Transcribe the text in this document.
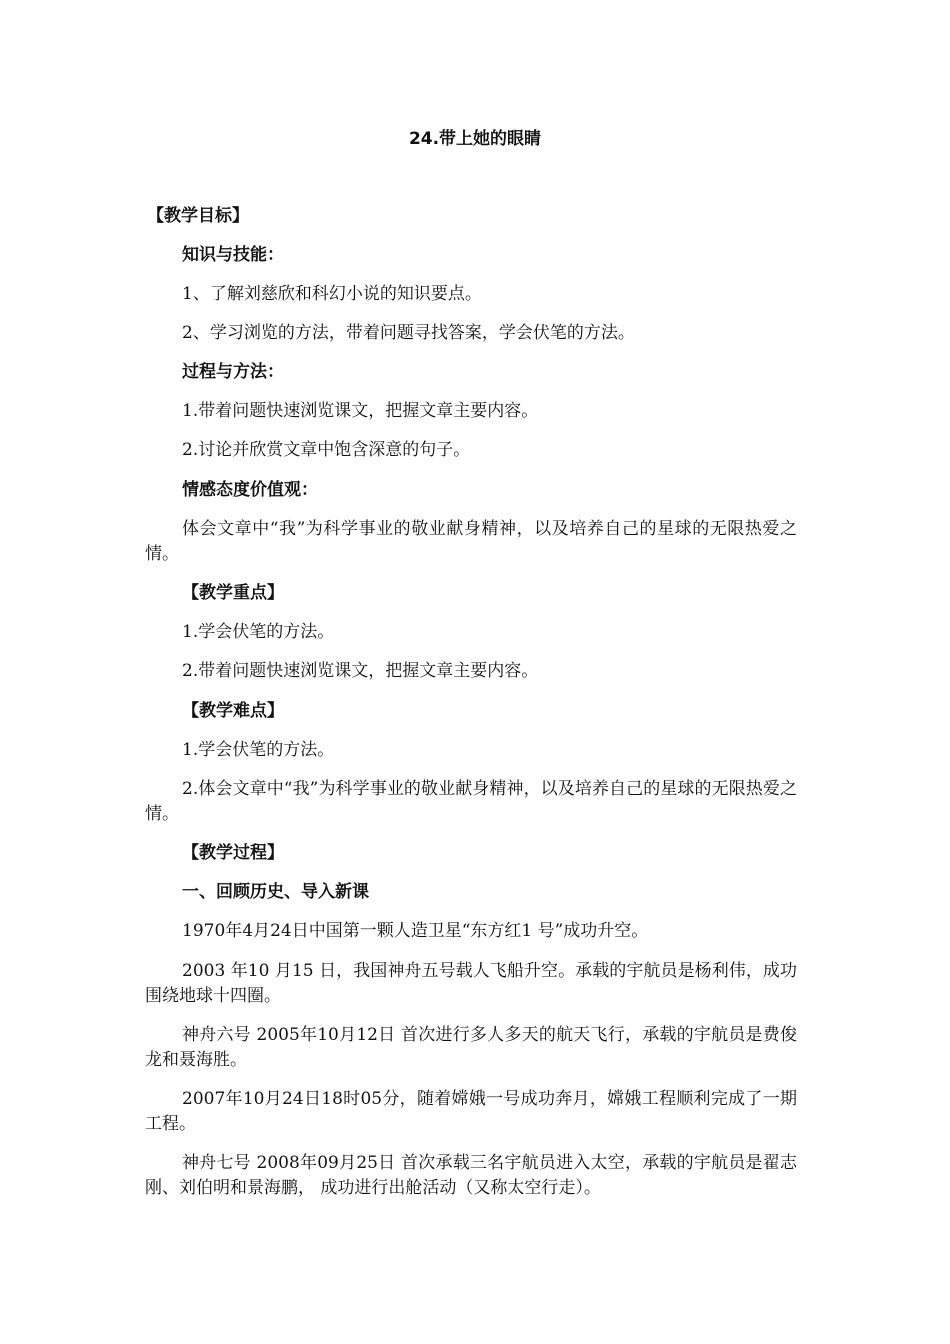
24.带上她的眼睛
【教学目标】
知识与技能：
1、了解刘慈欣和科幻小说的知识要点。
2、学习浏览的方法，带着问题寻找答案，学会伏笔的方法。
过程与方法：
1.带着问题快速浏览课文，把握文章主要内容。
2.讨论并欣赏文章中饱含深意的句子。
情感态度价值观：
体会文章中“我”为科学事业的敬业献身精神，以及培养自己的星球的无限热爱之情。
【教学重点】
1.学会伏笔的方法。
2.带着问题快速浏览课文，把握文章主要内容。
【教学难点】
1.学会伏笔的方法。
2.体会文章中“我”为科学事业的敬业献身精神，以及培养自己的星球的无限热爱之情。
【教学过程】
一、回顾历史、导入新课
1970年4月24日中国第一颗人造卫星“东方红1 号”成功升空。
2003 年10 月15 日，我国神舟五号载人飞船升空。承载的宇航员是杨利伟，成功围绕地球十四圈。
神舟六号 2005年10月12日 首次进行多人多天的航天飞行，承载的宇航员是费俊龙和聂海胜。
2007年10月24日18时05分，随着嫦娥一号成功奔月，嫦娥工程顺利完成了一期工程。
神舟七号 2008年09月25日 首次承载三名宇航员进入太空，承载的宇航员是翟志刚、刘伯明和景海鹏， 成功进行出舱活动（又称太空行走）。
